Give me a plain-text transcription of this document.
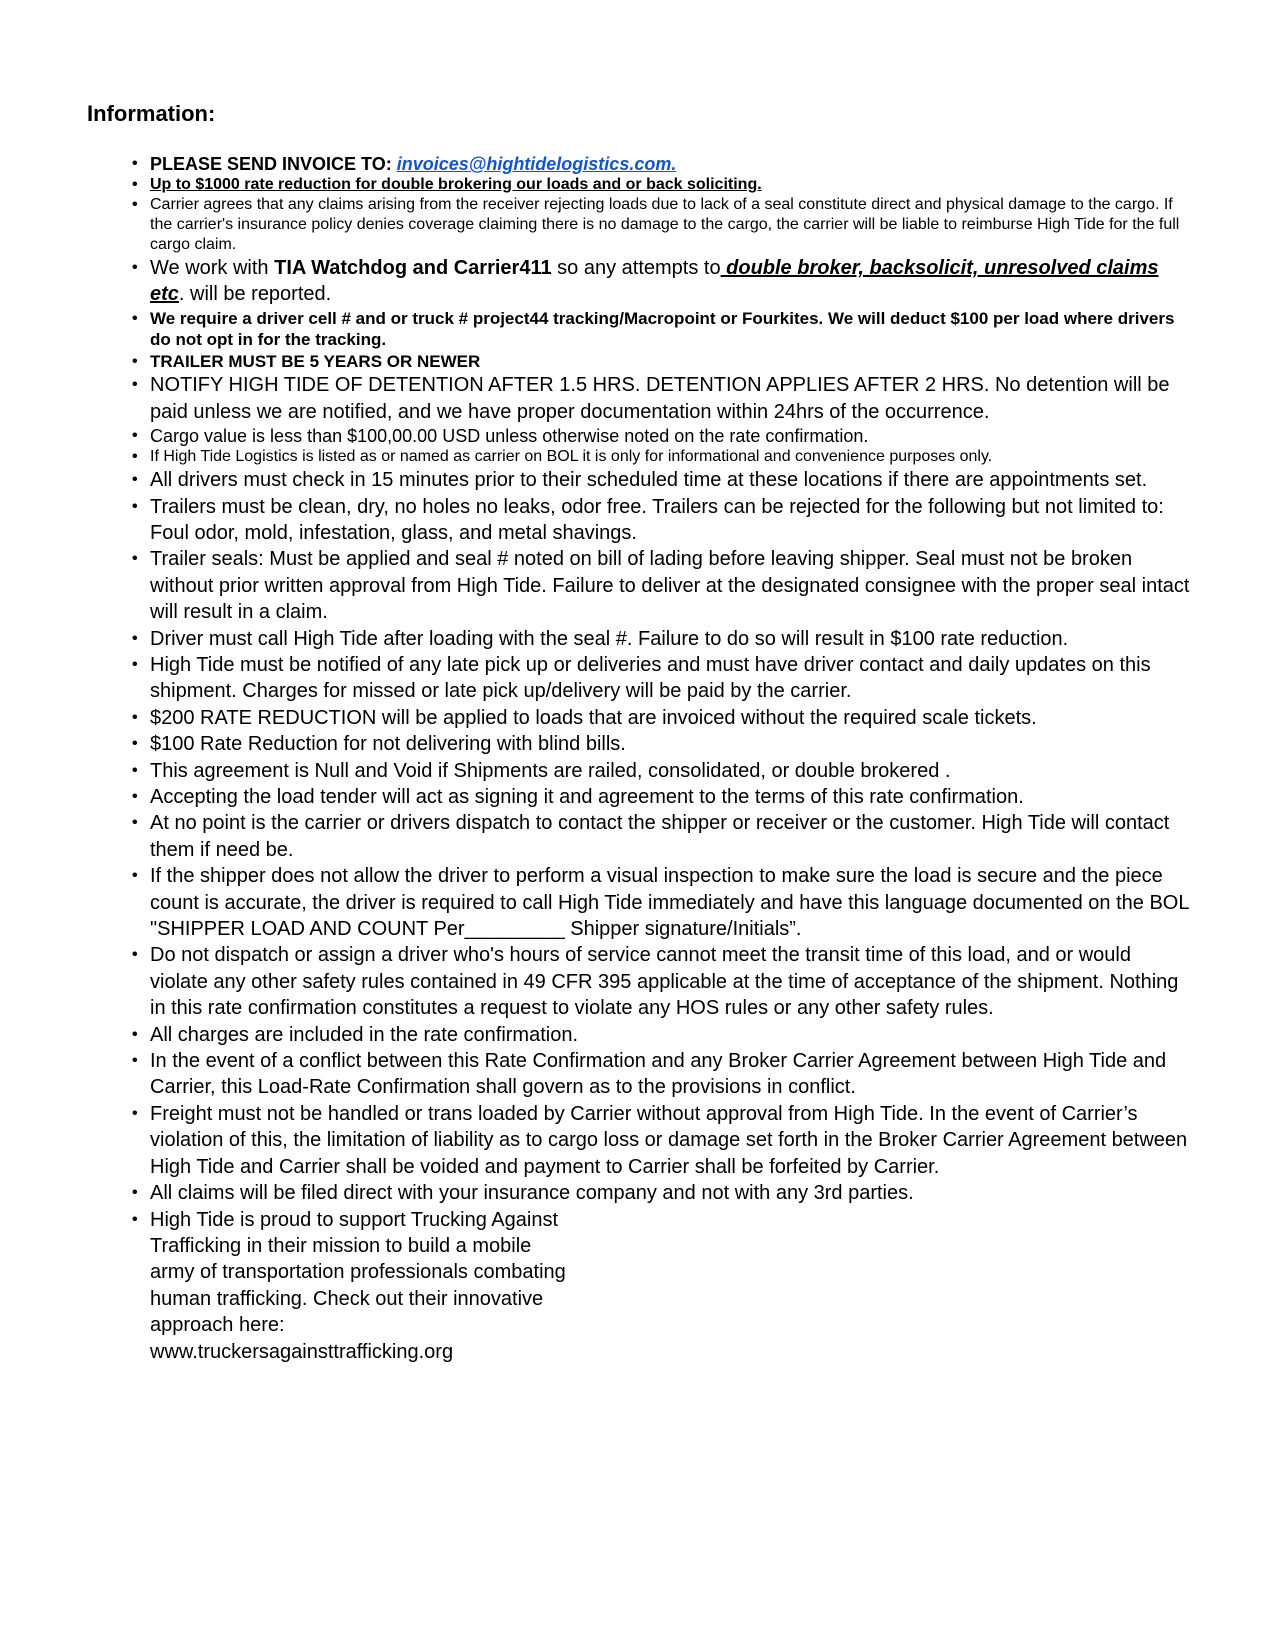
Information:
• PLEASE SEND INVOICE TO: invoices@hightidelogistics.com.
• Up to $1000 rate reduction for double brokering our loads and or back soliciting.
• Carrier agrees that any claims arising from the receiver rejecting loads due to lack of a seal constitute direct and physical damage to the cargo. If the carrier's insurance policy denies coverage claiming there is no damage to the cargo, the carrier will be liable to reimburse High Tide for the full cargo claim.
• We work with TIA Watchdog and Carrier411 so any attempts to double broker, backsolicit, unresolved claims etc. will be reported.
• We require a driver cell # and or truck # project44 tracking/Macropoint or Fourkites. We will deduct $100 per load where drivers do not opt in for the tracking.
• TRAILER MUST BE 5 YEARS OR NEWER
• NOTIFY HIGH TIDE OF DETENTION AFTER 1.5 HRS. DETENTION APPLIES AFTER 2 HRS. No detention will be paid unless we are notified, and we have proper documentation within 24hrs of the occurrence.
• Cargo value is less than $100,00.00 USD unless otherwise noted on the rate confirmation.
• If High Tide Logistics is listed as or named as carrier on BOL it is only for informational and convenience purposes only.
• All drivers must check in 15 minutes prior to their scheduled time at these locations if there are appointments set.
• Trailers must be clean, dry, no holes no leaks, odor free. Trailers can be rejected for the following but not limited to: Foul odor, mold, infestation, glass, and metal shavings.
• Trailer seals: Must be applied and seal # noted on bill of lading before leaving shipper. Seal must not be broken without prior written approval from High Tide. Failure to deliver at the designated consignee with the proper seal intact will result in a claim.
• Driver must call High Tide after loading with the seal #. Failure to do so will result in $100 rate reduction.
• High Tide must be notified of any late pick up or deliveries and must have driver contact and daily updates on this shipment. Charges for missed or late pick up/delivery will be paid by the carrier.
• $200 RATE REDUCTION will be applied to loads that are invoiced without the required scale tickets.
• $100 Rate Reduction for not delivering with blind bills.
• This agreement is Null and Void if Shipments are railed, consolidated, or double brokered .
• Accepting the load tender will act as signing it and agreement to the terms of this rate confirmation.
• At no point is the carrier or drivers dispatch to contact the shipper or receiver or the customer. High Tide will contact them if need be.
• If the shipper does not allow the driver to perform a visual inspection to make sure the load is secure and the piece count is accurate, the driver is required to call High Tide immediately and have this language documented on the BOL "SHIPPER LOAD AND COUNT Per_________ Shipper signature/Initials”.
• Do not dispatch or assign a driver who's hours of service cannot meet the transit time of this load, and or would violate any other safety rules contained in 49 CFR 395 applicable at the time of acceptance of the shipment. Nothing in this rate confirmation constitutes a request to violate any HOS rules or any other safety rules.
• All charges are included in the rate confirmation.
• In the event of a conflict between this Rate Confirmation and any Broker Carrier Agreement between High Tide and Carrier, this Load-Rate Confirmation shall govern as to the provisions in conflict.
• Freight must not be handled or trans loaded by Carrier without approval from High Tide. In the event of Carrier’s violation of this, the limitation of liability as to cargo loss or damage set forth in the Broker Carrier Agreement between High Tide and Carrier shall be voided and payment to Carrier shall be forfeited by Carrier.
• All claims will be filed direct with your insurance company and not with any 3rd parties.
• High Tide is proud to support Trucking Against Trafficking in their mission to build a mobile army of transportation professionals combating human trafficking. Check out their innovative approach here: www.truckersagainsttrafficking.org
